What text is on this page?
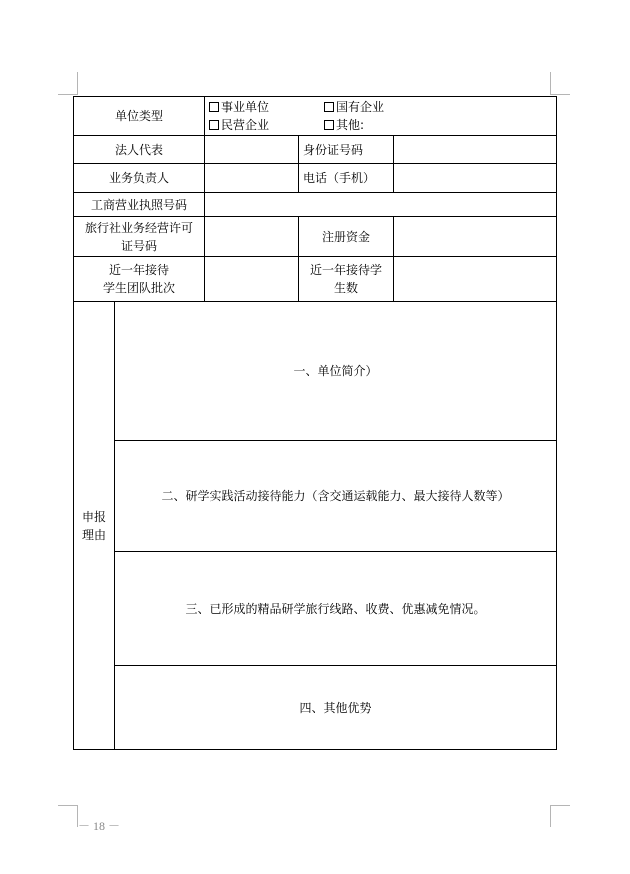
单位类型		事业单位 国有企业
民营企业 其他:		

法人代表			身份证号码	
业务负责人			电话（手机）	
工商营业执照号码				

旅行社业务经营许可
证号码			注册资金	

近一年接待
学生团队批次			近一年接待学
生数	

申报
理由	一、单位简介）			
	二、研学实践活动接待能力（含交通运载能力、最大接待人数等）			
	三、已形成的精品研学旅行线路、收费、优惠减免情况。			
	四、其他优势			
－ 18 －
